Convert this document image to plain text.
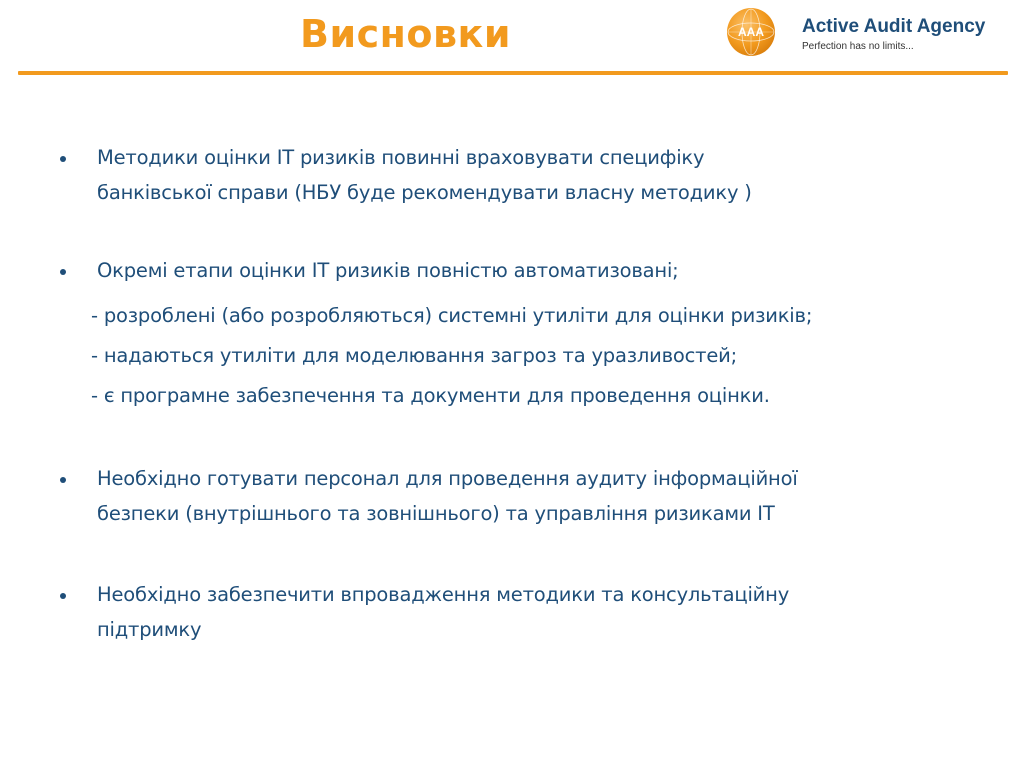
Висновки	AAA Active Audit Agency
Perfection has no limits...
Методики оцінки ІТ ризиків повинні враховувати специфіку
банківської справи (НБУ буде рекомендувати власну методику )
Окремі етапи оцінки ІТ ризиків повністю автоматизовані;
- розроблені (або розробляються) системні утиліти для оцінки ризиків;
- надаються утиліти для моделювання загроз та уразливостей;
- є програмне забезпечення та документи для проведення оцінки.
Необхідно готувати персонал для проведення аудиту інформаційної
безпеки (внутрішнього та зовнішнього) та управління ризиками ІТ
Необхідно забезпечити впровадження методики та консультаційну
підтримку
